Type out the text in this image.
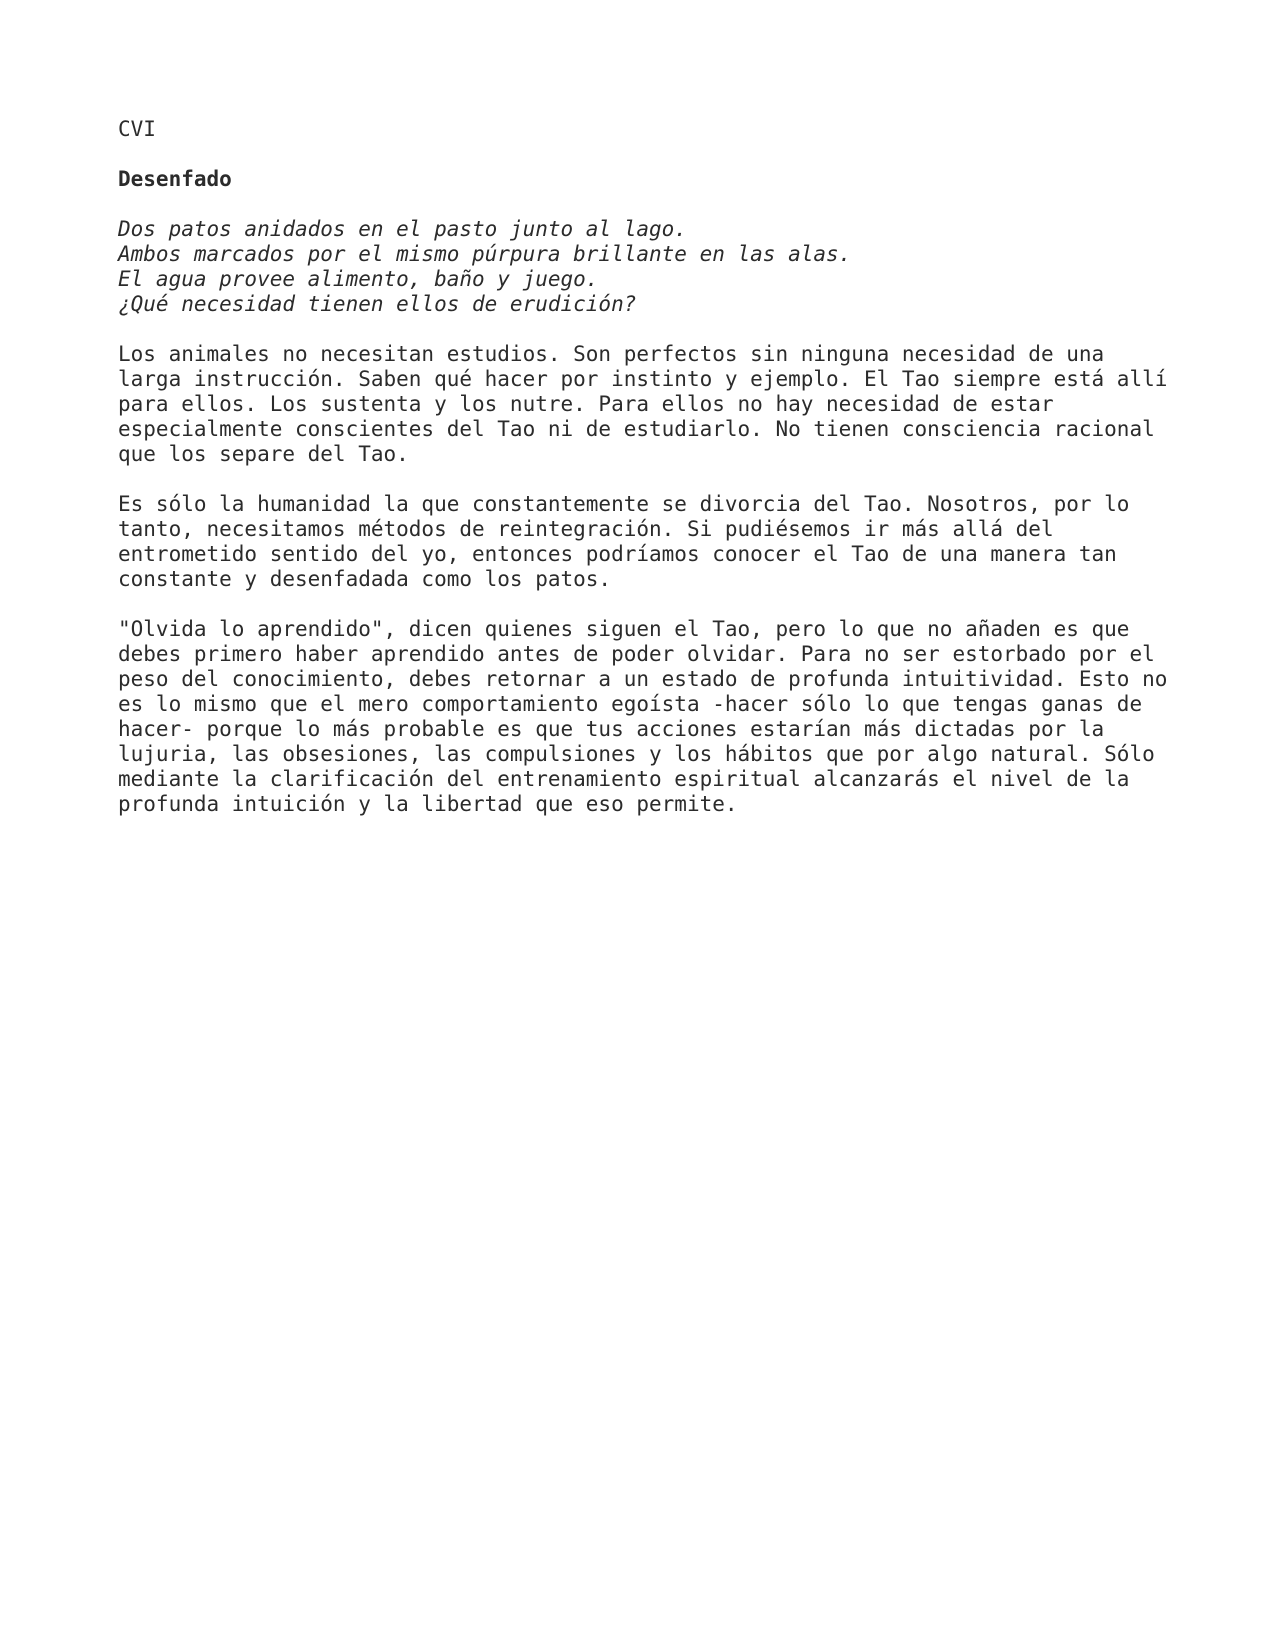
CVI
Desenfado
Dos patos anidados en el pasto junto al lago.
Ambos marcados por el mismo púrpura brillante en las alas.
El agua provee alimento, baño y juego.
¿Qué necesidad tienen ellos de erudición?
Los animales no necesitan estudios. Son perfectos sin ninguna necesidad de una
larga instrucción. Saben qué hacer por instinto y ejemplo. El Tao siempre está allí
para ellos. Los sustenta y los nutre. Para ellos no hay necesidad de estar
especialmente conscientes del Tao ni de estudiarlo. No tienen consciencia racional
que los separe del Tao.
Es sólo la humanidad la que constantemente se divorcia del Tao. Nosotros, por lo
tanto, necesitamos métodos de reintegración. Si pudiésemos ir más allá del
entrometido sentido del yo, entonces podríamos conocer el Tao de una manera tan
constante y desenfadada como los patos.
"Olvida lo aprendido", dicen quienes siguen el Tao, pero lo que no añaden es que
debes primero haber aprendido antes de poder olvidar. Para no ser estorbado por el
peso del conocimiento, debes retornar a un estado de profunda intuitividad. Esto no
es lo mismo que el mero comportamiento egoísta -hacer sólo lo que tengas ganas de
hacer- porque lo más probable es que tus acciones estarían más dictadas por la
lujuria, las obsesiones, las compulsiones y los hábitos que por algo natural. Sólo
mediante la clarificación del entrenamiento espiritual alcanzarás el nivel de la
profunda intuición y la libertad que eso permite.
